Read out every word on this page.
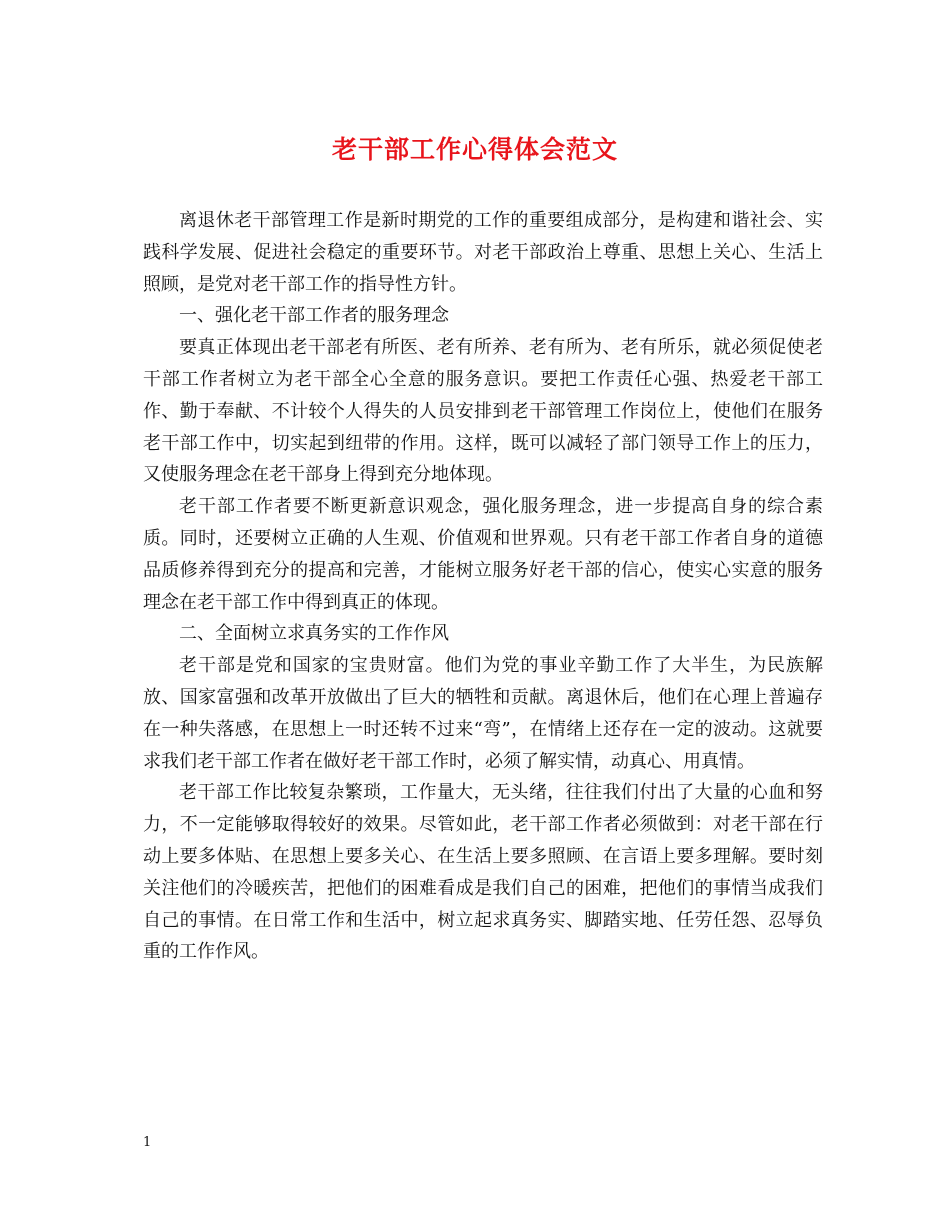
老干部工作心得体会范文

离退休老干部管理工作是新时期党的工作的重要组成部分，是构建和谐社会、实践科学发展、促进社会稳定的重要环节。对老干部政治上尊重、思想上关心、生活上照顾，是党对老干部工作的指导性方针。

一、强化老干部工作者的服务理念

要真正体现出老干部老有所医、老有所养、老有所为、老有所乐，就必须促使老干部工作者树立为老干部全心全意的服务意识。要把工作责任心强、热爱老干部工作、勤于奉献、不计较个人得失的人员安排到老干部管理工作岗位上，使他们在服务老干部工作中，切实起到纽带的作用。这样，既可以减轻了部门领导工作上的压力，又使服务理念在老干部身上得到充分地体现。

老干部工作者要不断更新意识观念，强化服务理念，进一步提高自身的综合素质。同时，还要树立正确的人生观、价值观和世界观。只有老干部工作者自身的道德品质修养得到充分的提高和完善，才能树立服务好老干部的信心，使实心实意的服务理念在老干部工作中得到真正的体现。

二、全面树立求真务实的工作作风

老干部是党和国家的宝贵财富。他们为党的事业辛勤工作了大半生，为民族解放、国家富强和改革开放做出了巨大的牺牲和贡献。离退休后，他们在心理上普遍存在一种失落感，在思想上一时还转不过来“弯”，在情绪上还存在一定的波动。这就要求我们老干部工作者在做好老干部工作时，必须了解实情，动真心、用真情。

老干部工作比较复杂繁琐，工作量大，无头绪，往往我们付出了大量的心血和努力，不一定能够取得较好的效果。尽管如此，老干部工作者必须做到：对老干部在行动上要多体贴、在思想上要多关心、在生活上要多照顾、在言语上要多理解。要时刻关注他们的冷暖疾苦，把他们的困难看成是我们自己的困难，把他们的事情当成我们自己的事情。在日常工作和生活中，树立起求真务实、脚踏实地、任劳任怨、忍辱负重的工作作风。

1
